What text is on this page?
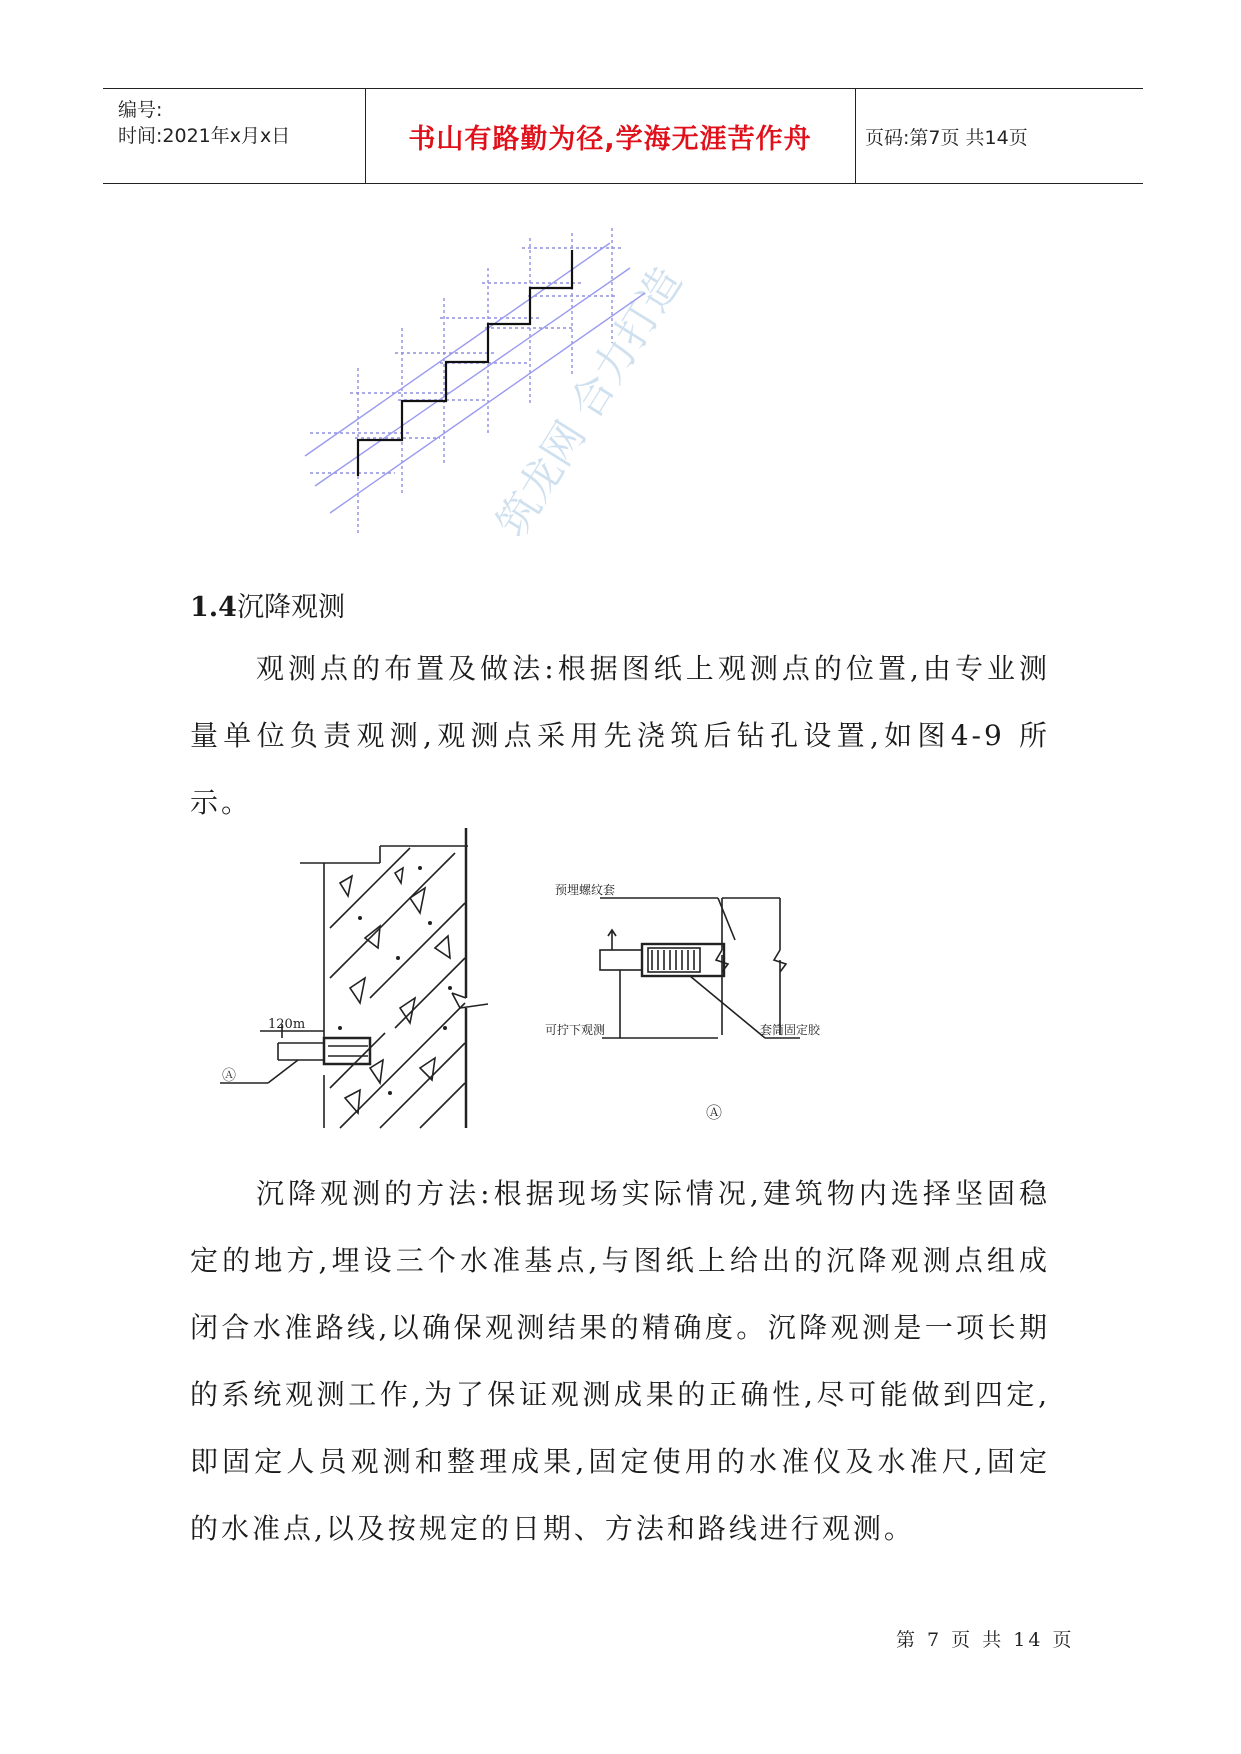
编号:
时间:2021年x月x日	书山有路勤为径,学海无涯苦作舟	页码:第7页 共14页
筑龙网 合力打造
1.4沉降观测
观测点的布置及做法:根据图纸上观测点的位置,由专业测量单位负责观测,观测点采用先浇筑后钻孔设置,如图4-9 所示。
120m
Ⓐ
预埋螺纹套
可拧下观测	套筒固定胶
Ⓐ
沉降观测的方法:根据现场实际情况,建筑物内选择坚固稳定的地方,埋设三个水准基点,与图纸上给出的沉降观测点组成闭合水准路线,以确保观测结果的精确度。沉降观测是一项长期的系统观测工作,为了保证观测成果的正确性,尽可能做到四定,即固定人员观测和整理成果,固定使用的水准仪及水准尺,固定的水准点,以及按规定的日期、方法和路线进行观测。
第 7 页 共 14 页
